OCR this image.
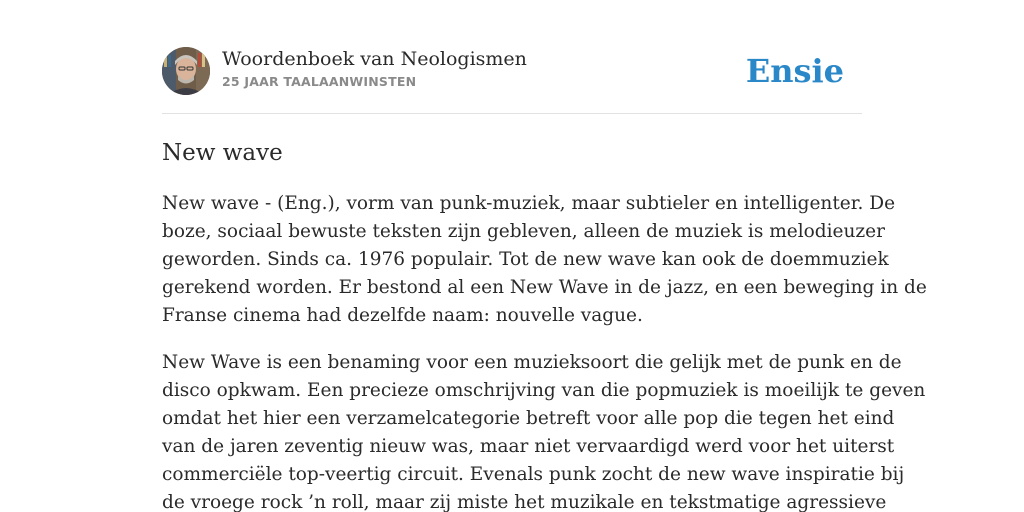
Woordenboek van Neologismen
25 JAAR TAALAANWINSTEN	Ensie
New wave

New wave - (Eng.), vorm van punk-muziek, maar subtieler en intelligenter. De
boze, sociaal bewuste teksten zijn gebleven, alleen de muziek is melodieuzer
geworden. Sinds ca. 1976 populair. Tot de new wave kan ook de doemmuziek
gerekend worden. Er bestond al een New Wave in de jazz, en een beweging in de
Franse cinema had dezelfde naam: nouvelle vague.

New Wave is een benaming voor een muzieksoort die gelijk met de punk en de
disco opkwam. Een precieze omschrijving van die popmuziek is moeilijk te geven
omdat het hier een verzamelcategorie betreft voor alle pop die tegen het eind
van de jaren zeventig nieuw was, maar niet vervaardigd werd voor het uiterst
commerciële top-veertig circuit. Evenals punk zocht de new wave inspiratie bij
de vroege rock ’n roll, maar zij miste het muzikale en tekstmatige agressieve
